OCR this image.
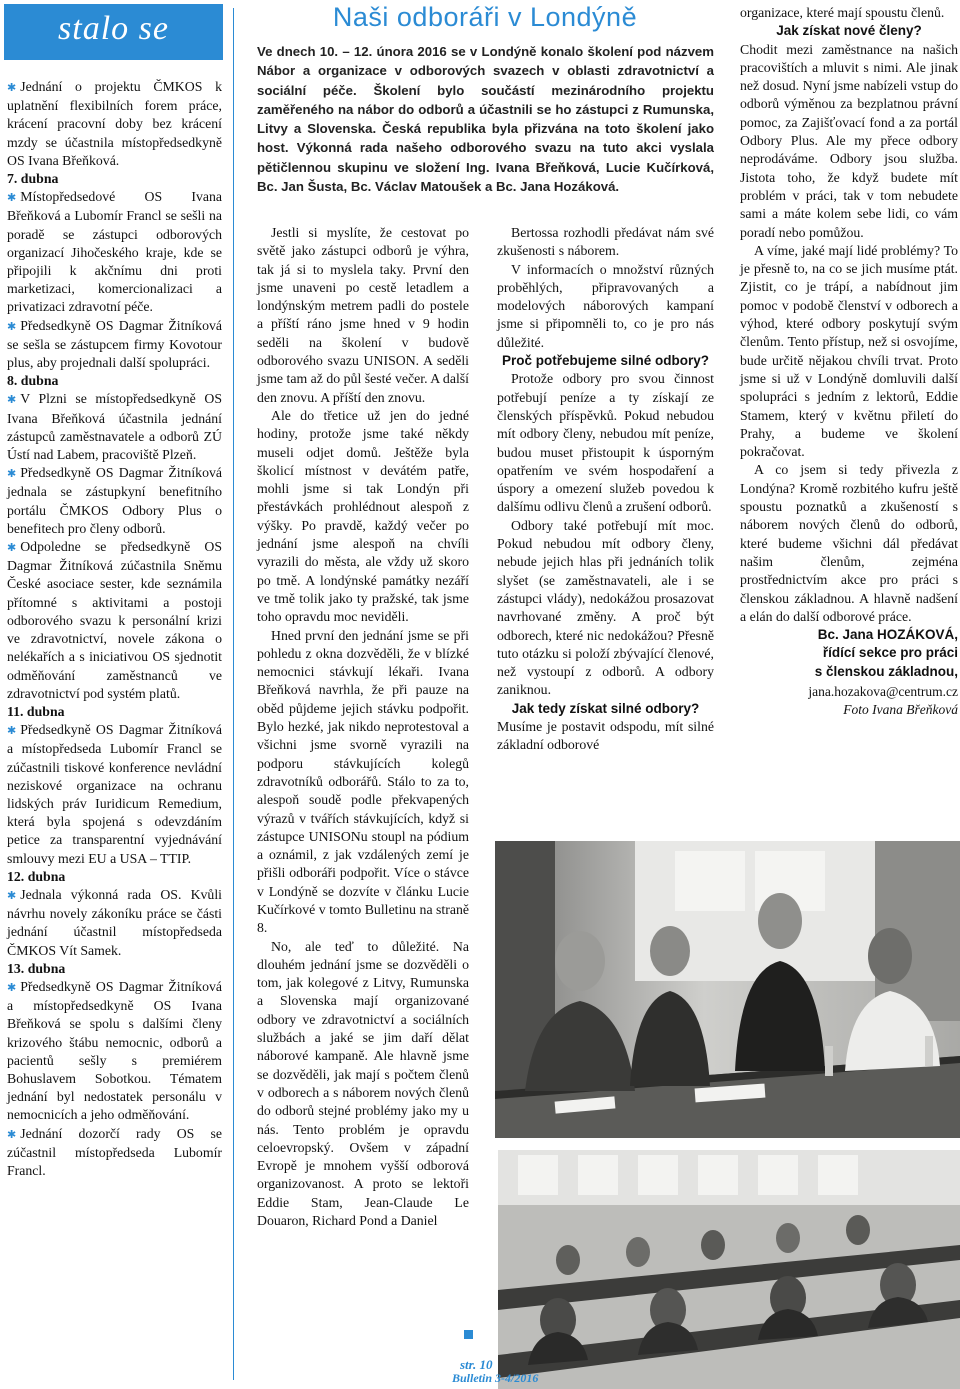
stalo se

✱ Jednání o projektu ČMKOS k uplatnění flexibilních forem práce, krácení pracovní doby bez krácení mzdy se účastnila místopředsedkyně OS Ivana Břeňková.

7. dubna

✱ Místopředsedové OS Ivana Břeňková a Lubomír Francl se sešli na poradě se zástupci odborových organizací Jihočeského kraje, kde se připojili k akčnímu dni proti marketizaci, komercionalizaci a privatizaci zdravotní péče.

✱ Předsedkyně OS Dagmar Žitníková se sešla se zástupcem firmy Kovotour plus, aby projednali další spolupráci.

8. dubna

✱ V Plzni se místopředsedkyně OS Ivana Břeňková účastnila jednání zástupců zaměstnavatele a odborů ZÚ Ústí nad Labem, pracoviště Plzeň.

✱ Předsedkyně OS Dagmar Žitníková jednala se zástupkyní benefitního portálu ČMKOS Odbory Plus o benefitech pro členy odborů.

✱ Odpoledne se předsedkyně OS Dagmar Žitníková zúčastnila Sněmu České asociace sester, kde seznámila přítomné s aktivitami a postoji odborového svazu k personální krizi ve zdravotnictví, novele zákona o nelékařích a s iniciativou OS sjednotit odměňování zaměstnanců ve zdravotnictví pod systém platů.

11. dubna

✱ Předsedkyně OS Dagmar Žitníková a místopředseda Lubomír Francl se zúčastnili tiskové konference nevládní neziskové organizace na ochranu lidských práv Iuridicum Remedium, která byla spojená s odevzdáním petice za transparentní vyjednávání smlouvy mezi EU a USA – TTIP.

12. dubna

✱ Jednala výkonná rada OS. Kvůli návrhu novely zákoníku práce se části jednání účastnil místopředseda ČMKOS Vít Samek.

13. dubna

✱ Předsedkyně OS Dagmar Žitníková a místopředsedkyně OS Ivana Břeňková se spolu s dalšími členy krizového štábu nemocnic, odborů a pacientů sešly s premiérem Bohuslavem Sobotkou. Tématem jednání byl nedostatek personálu v nemocnicích a jeho odměňování.

✱ Jednání dozorčí rady OS se zúčastnil místopředseda Lubomír Francl.

Naši odboráři v Londýně

Ve dnech 10. – 12. února 2016 se v Londýně konalo školení pod názvem Nábor a organizace v odborových svazech v oblasti zdravotnictví a sociální péče. Školení bylo součástí mezinárodního projektu zaměřeného na nábor do odborů a účastnili se ho zástupci z Rumunska, Litvy a Slovenska. Česká republika byla přizvána na toto školení jako host. Výkonná rada našeho odborového svazu na tuto akci vyslala pětičlennou skupinu ve složení Ing. Ivana Břeňková, Lucie Kučírková, Bc. Jan Šusta, Bc. Václav Matoušek a Bc. Jana Hozáková.

Jestli si myslíte, že cestovat po světě jako zástupci odborů je výhra, tak já si to myslela taky. První den jsme unaveni po cestě letadlem a londýnským metrem padli do postele a příští ráno jsme hned v 9 hodin seděli na školení v budově odborového svazu UNISON. A seděli jsme tam až do půl šesté večer. A další den znovu. A příští den znovu.

Ale do třetice už jen do jedné hodiny, protože jsme také někdy museli odjet domů. Ještěže byla školicí místnost v devátém patře, mohli jsme si tak Londýn při přestávkách prohlédnout alespoň z výšky. Po pravdě, každý večer po jednání jsme alespoň na chvíli vyrazili do města, ale vždy už skoro po tmě. A londýnské památky nezáří ve tmě tolik jako ty pražské, tak jsme toho opravdu moc neviděli.

Hned první den jednání jsme se při pohledu z okna dozvěděli, že v blízké nemocnici stávkují lékaři. Ivana Břeňková navrhla, že při pauze na oběd půjdeme jejich stávku podpořit. Bylo hezké, jak nikdo neprotestoval a všichni jsme svorně vyrazili na podporu stávkujících kolegů zdravotníků odborářů. Stálo to za to, alespoň soudě podle překvapených výrazů v tvářích stávkujících, když si zástupce UNISONu stoupl na pódium a oznámil, z jak vzdálených zemí je přišli odboráři podpořit. Více o stávce v Londýně se dozvíte v článku Lucie Kučírkové v tomto Bulletinu na straně 8.

No, ale teď to důležité. Na dlouhém jednání jsme se dozvěděli o tom, jak kolegové z Litvy, Rumunska a Slovenska mají organizované odbory ve zdravotnictví a sociálních službách a jaké se jim daří dělat náborové kampaně. Ale hlavně jsme se dozvěděli, jak mají s počtem členů v odborech a s náborem nových členů do odborů stejné problémy jako my u nás. Tento problém je opravdu celoevropský. Ovšem v západní Evropě je mnohem vyšší odborová organizovanost. A proto se lektoři Eddie Stam, Jean-Claude Le Douaron, Richard Pond a Daniel

Bertossa rozhodli předávat nám své zkušenosti s náborem.

V informacích o množství různých proběhlých, připravovaných a modelových náborových kampaní jsme si připomněli to, co je pro nás důležité.

Proč potřebujeme silné odbory?

Protože odbory pro svou činnost potřebují peníze a ty získají ze členských příspěvků. Pokud nebudou mít odbory členy, nebudou mít peníze, budou muset přistoupit k úsporným opatřením ve svém hospodaření a úspory a omezení služeb povedou k dalšímu odlivu členů a zrušení odborů.

Odbory také potřebují mít moc. Pokud nebudou mít odbory členy, nebude jejich hlas při jednáních tolik slyšet (se zaměstnavateli, ale i se zástupci vlády), nedokážou prosazovat navrhované změny. A proč být odborech, které nic nedokážou? Přesně tuto otázku si položí zbývající členové, než vystoupí z odborů. A odbory zaniknou.

Jak tedy získat silné odbory?

Musíme je postavit odspodu, mít silné základní odborové

organizace, které mají spoustu členů.

Jak získat nové členy?

Chodit mezi zaměstnance na našich pracovištích a mluvit s nimi. Ale jinak než dosud. Nyní jsme nabízeli vstup do odborů výměnou za bezplatnou právní pomoc, za Zajišťovací fond a za portál Odbory Plus. Ale my přece odbory neprodáváme. Odbory jsou služba. Jistota toho, že když budete mít problém v práci, tak v tom nebudete sami a máte kolem sebe lidi, co vám poradí nebo pomůžou.

A víme, jaké mají lidé problémy? To je přesně to, na co se jich musíme ptát. Zjistit, co je trápí, a nabídnout jim pomoc v podobě členství v odborech a výhod, které odbory poskytují svým členům. Tento přístup, než si osvojíme, bude určitě nějakou chvíli trvat. Proto jsme si už v Londýně domluvili další spolupráci s jedním z lektorů, Eddie Stamem, který v květnu přiletí do Prahy, a budeme ve školení pokračovat.

A co jsem si tedy přivezla z Londýna? Kromě rozbitého kufru ještě spoustu poznatků a zkušeností s náborem nových členů do odborů, které budeme všichni dál předávat našim členům, zejména prostřednictvím akce pro práci s členskou základnou. A hlavně nadšení a elán do další odborové práce.

Bc. Jana HOZÁKOVÁ,
řídící sekce pro práci
s členskou základnou,
jana.hozakova@centrum.cz
Foto Ivana Břeňková
str. 10
Bulletin 3-4/2016
